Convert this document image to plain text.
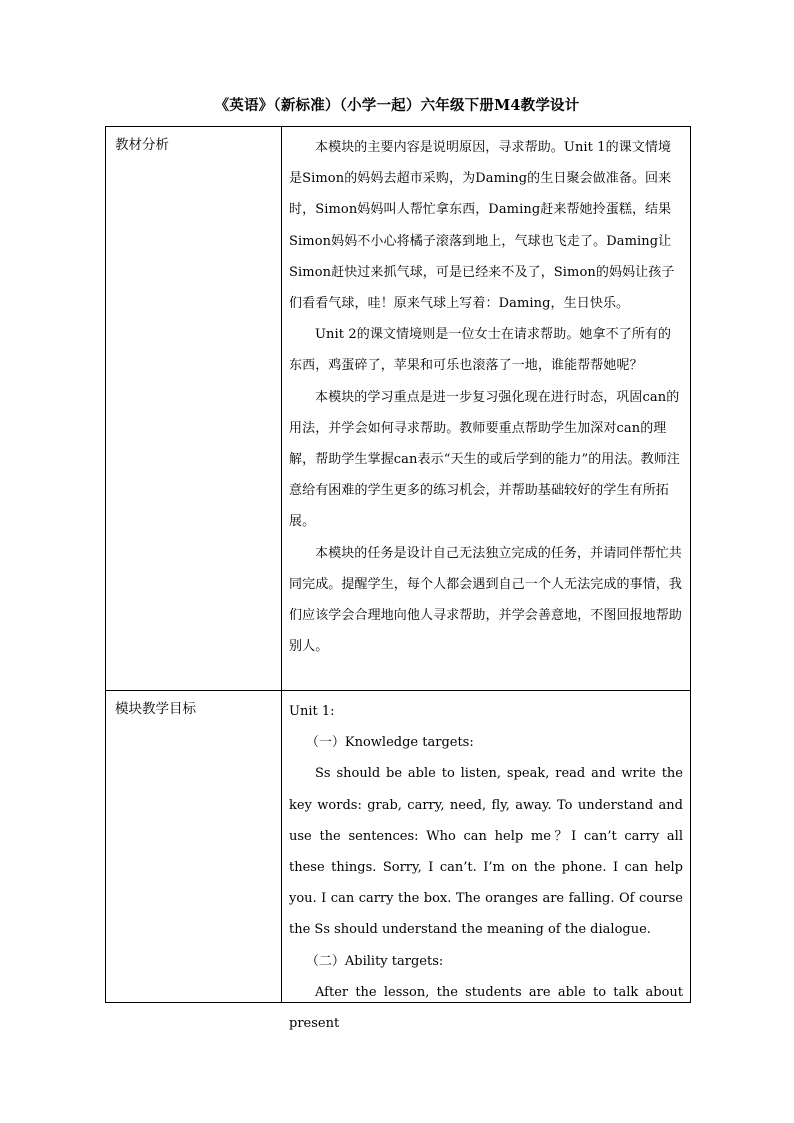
《英语》（新标准）（小学一起）六年级下册M4教学设计
教材分析	本模块的主要内容是说明原因，寻求帮助。Unit 1的课文情境是Simon的妈妈去超市采购，为Daming的生日聚会做准备。回来时，Simon妈妈叫人帮忙拿东西，Daming赶来帮她拎蛋糕，结果Simon妈妈不小心将橘子滚落到地上，气球也飞走了。Daming让Simon赶快过来抓气球，可是已经来不及了，Simon的妈妈让孩子们看看气球，哇！原来气球上写着：Daming，生日快乐。

Unit 2的课文情境则是一位女士在请求帮助。她拿不了所有的东西，鸡蛋碎了，苹果和可乐也滚落了一地，谁能帮帮她呢？

本模块的学习重点是进一步复习强化现在进行时态，巩固can的用法，并学会如何寻求帮助。教师要重点帮助学生加深对can的理解，帮助学生掌握can表示“天生的或后学到的能力”的用法。教师注意给有困难的学生更多的练习机会，并帮助基础较好的学生有所拓展。

本模块的任务是设计自己无法独立完成的任务，并请同伴帮忙共同完成。提醒学生，每个人都会遇到自己一个人无法完成的事情，我们应该学会合理地向他人寻求帮助，并学会善意地，不图回报地帮助别人。

模块教学目标	Unit 1:

（一）Knowledge targets:

Ss should be able to listen, speak, read and write the key words: grab, carry, need, fly, away. To understand and use the sentences: Who can help me？I can’t carry all these things. Sorry, I can’t. I’m on the phone. I can help you. I can carry the box. The oranges are falling. Of course the Ss should understand the meaning of the dialogue.

（二）Ability targets:

After the lesson, the students are able to talk about present
